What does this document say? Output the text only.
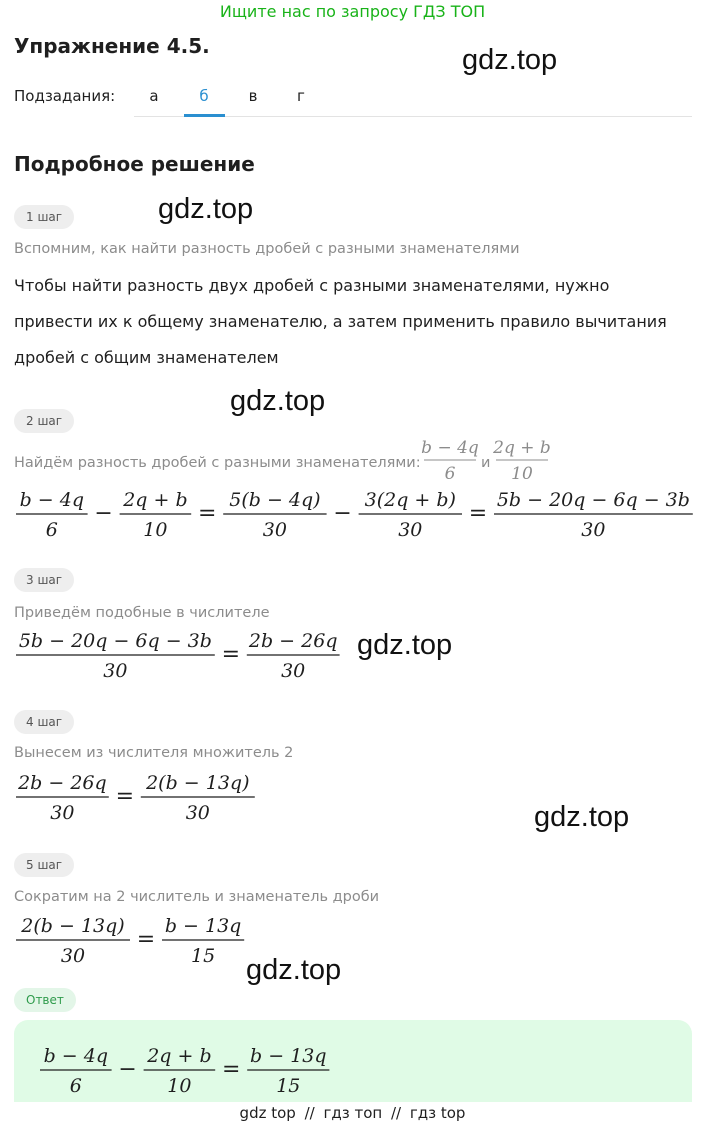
Ищите нас по запросу ГДЗ ТОП
Упражнение 4.5.	gdz.top
Подзадания:	а	б	в	г
Подробное решение
1 шаг	gdz.top
Вспомним, как найти разность дробей с разными знаменателями
Чтобы найти разность двух дробей с разными знаменателями, нужно
привести их к общему знаменателю, а затем применить правило вычитания
дробей с общим знаменателем
gdz.top
2 шаг
Найдём разность дробей с разными знаменателями:	и
b − 4q
6
2q + b
10
b − 4q
6
−
2q + b
10
=
5(b − 4q)
30
−
3(2q + b)
30
=
5b − 20q − 6q − 3b
30
3 шаг
Приведём подобные в числителе
5b − 20q − 6q − 3b
30
=
2b − 26q
30
gdz.top
4 шаг
Вынесем из числителя множитель 2
2b − 26q
30
=
2(b − 13q)
30	gdz.top
5 шаг
Сократим на 2 числитель и знаменатель дроби
2(b − 13q)
30
=
b − 13q
15 gdz.top
Ответ
b − 4q
6
−
2q + b
10
=
b − 13q
15
gdz top // гдз топ // гдз top
